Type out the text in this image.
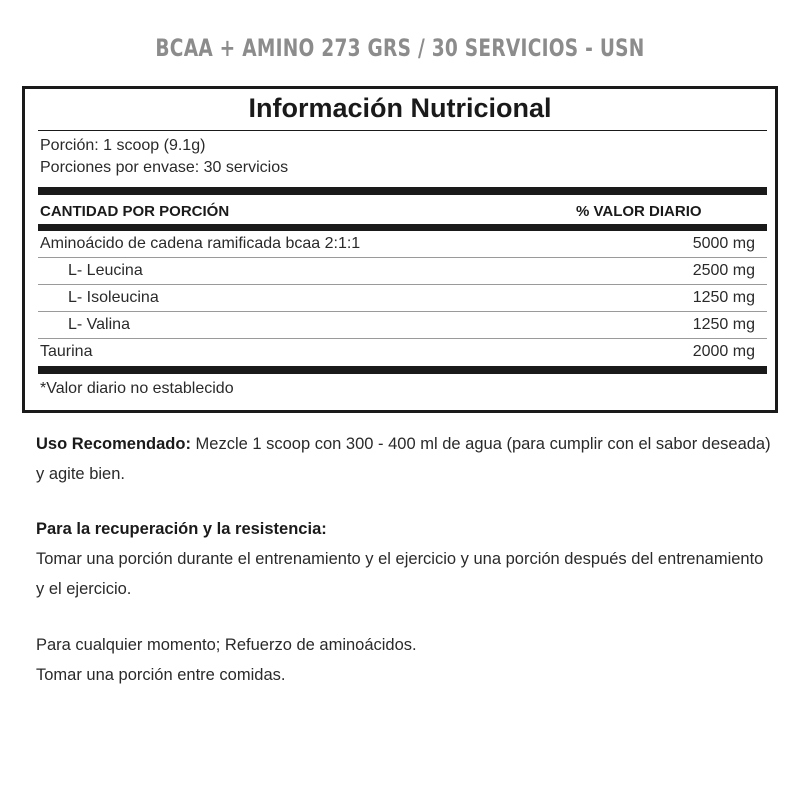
BCAA + AMINO 273 GRS / 30 SERVICIOS - USN
Información Nutricional
Porción: 1 scoop (9.1g)
Porciones por envase: 30 servicios
CANTIDAD POR PORCIÓN	% VALOR DIARIO
Aminoácido de cadena ramificada bcaa 2:1:1	5000 mg
L- Leucina	2500 mg
L- Isoleucina	1250 mg
L- Valina	1250 mg
Taurina	2000 mg
*Valor diario no establecido
Uso Recomendado: Mezcle 1 scoop con 300 - 400 ml de agua (para cumplir con el sabor deseada) y agite bien.
Para la recuperación y la resistencia:
Tomar una porción durante el entrenamiento y el ejercicio y una porción después del entrenamiento y el ejercicio.
Para cualquier momento; Refuerzo de aminoácidos.
Tomar una porción entre comidas.
